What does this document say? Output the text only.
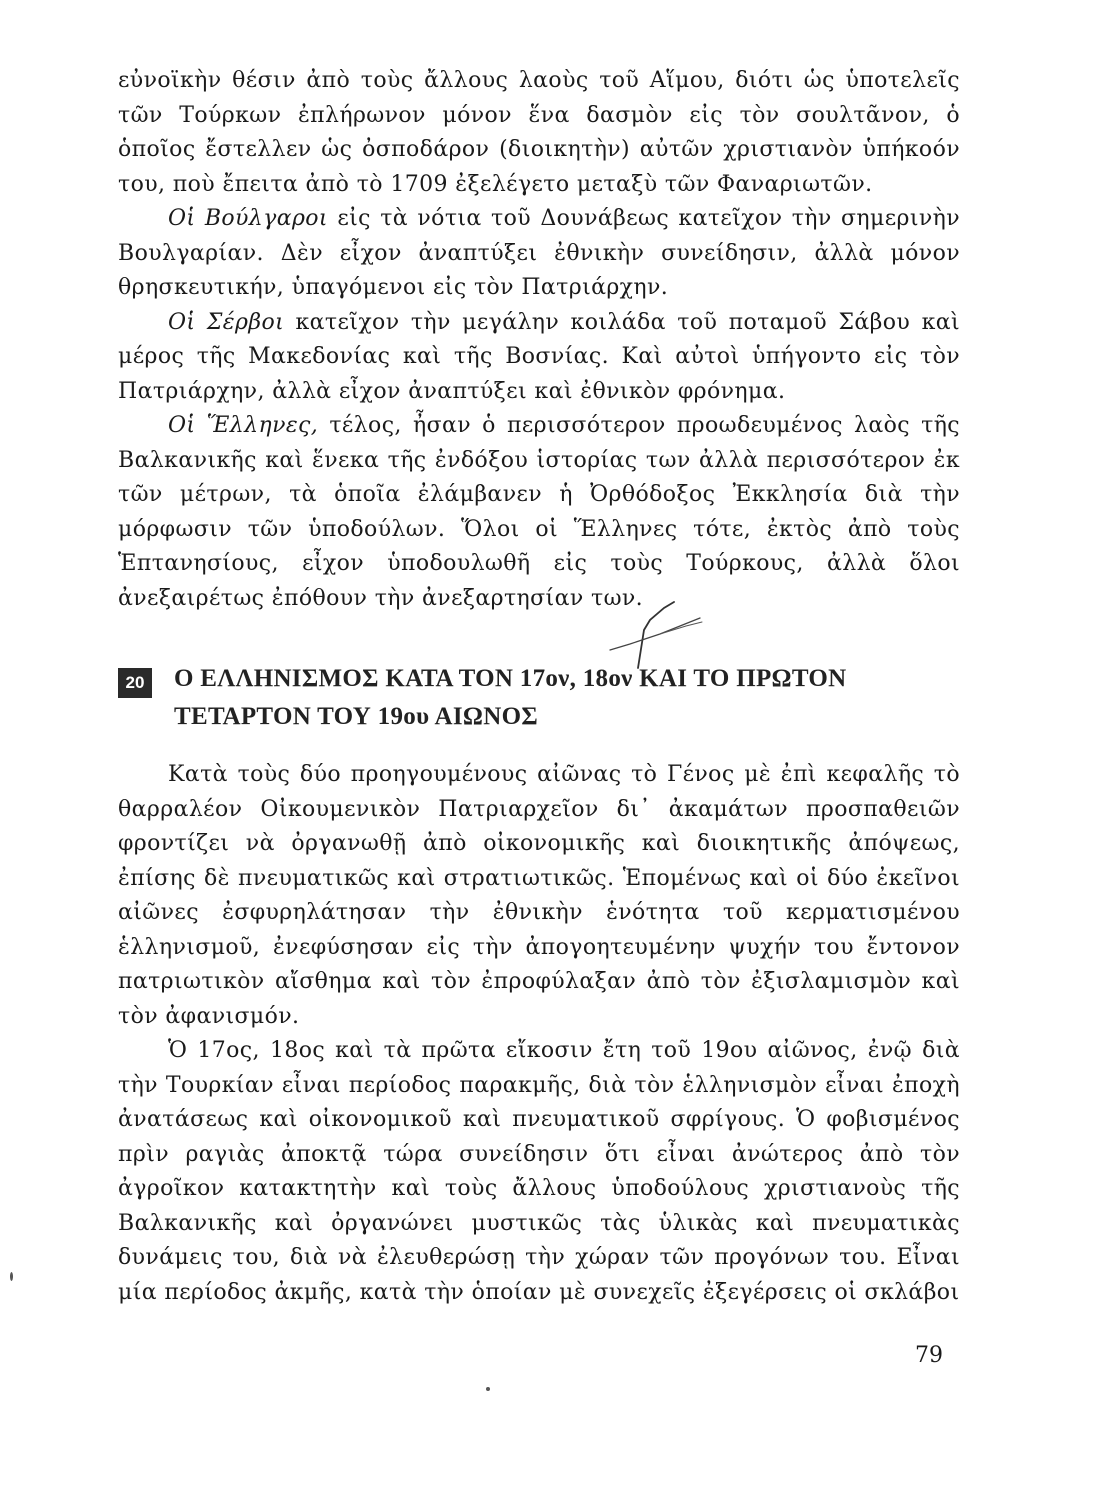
εὐνοϊκὴν θέσιν ἀπὸ τοὺς ἄλλους λαοὺς τοῦ Αἵμου, διότι ὡς ὑποτελεῖς τῶν Τούρκων ἐπλήρωνον μόνον ἕνα δασμὸν εἰς τὸν σουλτᾶνον, ὁ ὁποῖος ἔστελλεν ὡς ὀσποδάρον (διοικητὴν) αὐτῶν χριστιανὸν ὑπήκοόν του, ποὺ ἔπειτα ἀπὸ τὸ 1709 ἐξελέγετο μεταξὺ τῶν Φαναριωτῶν.

Οἱ Βούλγαροι εἰς τὰ νότια τοῦ Δουνάβεως κατεῖχον τὴν σημερινὴν Βουλγαρίαν. Δὲν εἶχον ἀναπτύξει ἐθνικὴν συνείδησιν, ἀλλὰ μόνον θρησκευτικήν, ὑπαγόμενοι εἰς τὸν Πατριάρχην.

Οἱ Σέρβοι κατεῖχον τὴν μεγάλην κοιλάδα τοῦ ποταμοῦ Σάβου καὶ μέρος τῆς Μακεδονίας καὶ τῆς Βοσνίας. Καὶ αὐτοὶ ὑπήγοντο εἰς τὸν Πατριάρχην, ἀλλὰ εἶχον ἀναπτύξει καὶ ἐθνικὸν φρόνημα.

Οἱ Ἕλληνες, τέλος, ἦσαν ὁ περισσότερον προωδευμένος λαὸς τῆς Βαλκανικῆς καὶ ἕνεκα τῆς ἐνδόξου ἱστορίας των ἀλλὰ περισσότερον ἐκ τῶν μέτρων, τὰ ὁποῖα ἐλάμβανεν ἡ Ὀρθόδοξος Ἐκκλησία διὰ τὴν μόρφωσιν τῶν ὑποδούλων. Ὅλοι οἱ Ἕλληνες τότε, ἐκτὸς ἀπὸ τοὺς Ἑπτανησίους, εἶχον ὑποδουλωθῆ εἰς τοὺς Τούρκους, ἀλλὰ ὅλοι ἀνεξαιρέτως ἐπόθουν τὴν ἀνεξαρτησίαν των.

20	Ο ΕΛΛΗΝΙΣΜΟΣ ΚΑΤΑ ΤΟΝ 17ον, 18ον ΚΑΙ ΤΟ ΠΡΩΤΟΝ ΤΕΤΑΡΤΟΝ ΤΟΥ 19ου ΑΙΩΝΟΣ

Κατὰ τοὺς δύο προηγουμένους αἰῶνας τὸ Γένος μὲ ἐπὶ κεφαλῆς τὸ θαρραλέον Οἰκουμενικὸν Πατριαρχεῖον δι᾽ ἀκαμάτων προσπαθειῶν φροντίζει νὰ ὀργανωθῇ ἀπὸ οἰκονομικῆς καὶ διοικητικῆς ἀπόψεως, ἐπίσης δὲ πνευματικῶς καὶ στρατιωτικῶς. Ἑπομένως καὶ οἱ δύο ἐκεῖνοι αἰῶνες ἐσφυρηλάτησαν τὴν ἐθνικὴν ἑνότητα τοῦ κερματισμένου ἑλληνισμοῦ, ἐνεφύσησαν εἰς τὴν ἀπογοητευμένην ψυχήν του ἔντονον πατριωτικὸν αἴσθημα καὶ τὸν ἐπροφύλαξαν ἀπὸ τὸν ἐξισλαμισμὸν καὶ τὸν ἀφανισμόν.

Ὁ 17ος, 18ος καὶ τὰ πρῶτα εἴκοσιν ἔτη τοῦ 19ου αἰῶνος, ἐνῷ διὰ τὴν Τουρκίαν εἶναι περίοδος παρακμῆς, διὰ τὸν ἑλληνισμὸν εἶναι ἐποχὴ ἀνατάσεως καὶ οἰκονομικοῦ καὶ πνευματικοῦ σφρίγους. Ὁ φοβισμένος πρὶν ραγιὰς ἀποκτᾷ τώρα συνείδησιν ὅτι εἶναι ἀνώτερος ἀπὸ τὸν ἀγροῖκον κατακτητὴν καὶ τοὺς ἄλλους ὑποδούλους χριστιανοὺς τῆς Βαλκανικῆς καὶ ὀργανώνει μυστικῶς τὰς ὑλικὰς καὶ πνευματικὰς δυνάμεις του, διὰ νὰ ἐλευθερώσῃ τὴν χώραν τῶν προγόνων του. Εἶναι μία περίοδος ἀκμῆς, κατὰ τὴν ὁποίαν μὲ συνεχεῖς ἐξεγέρσεις οἱ σκλάβοι

79
